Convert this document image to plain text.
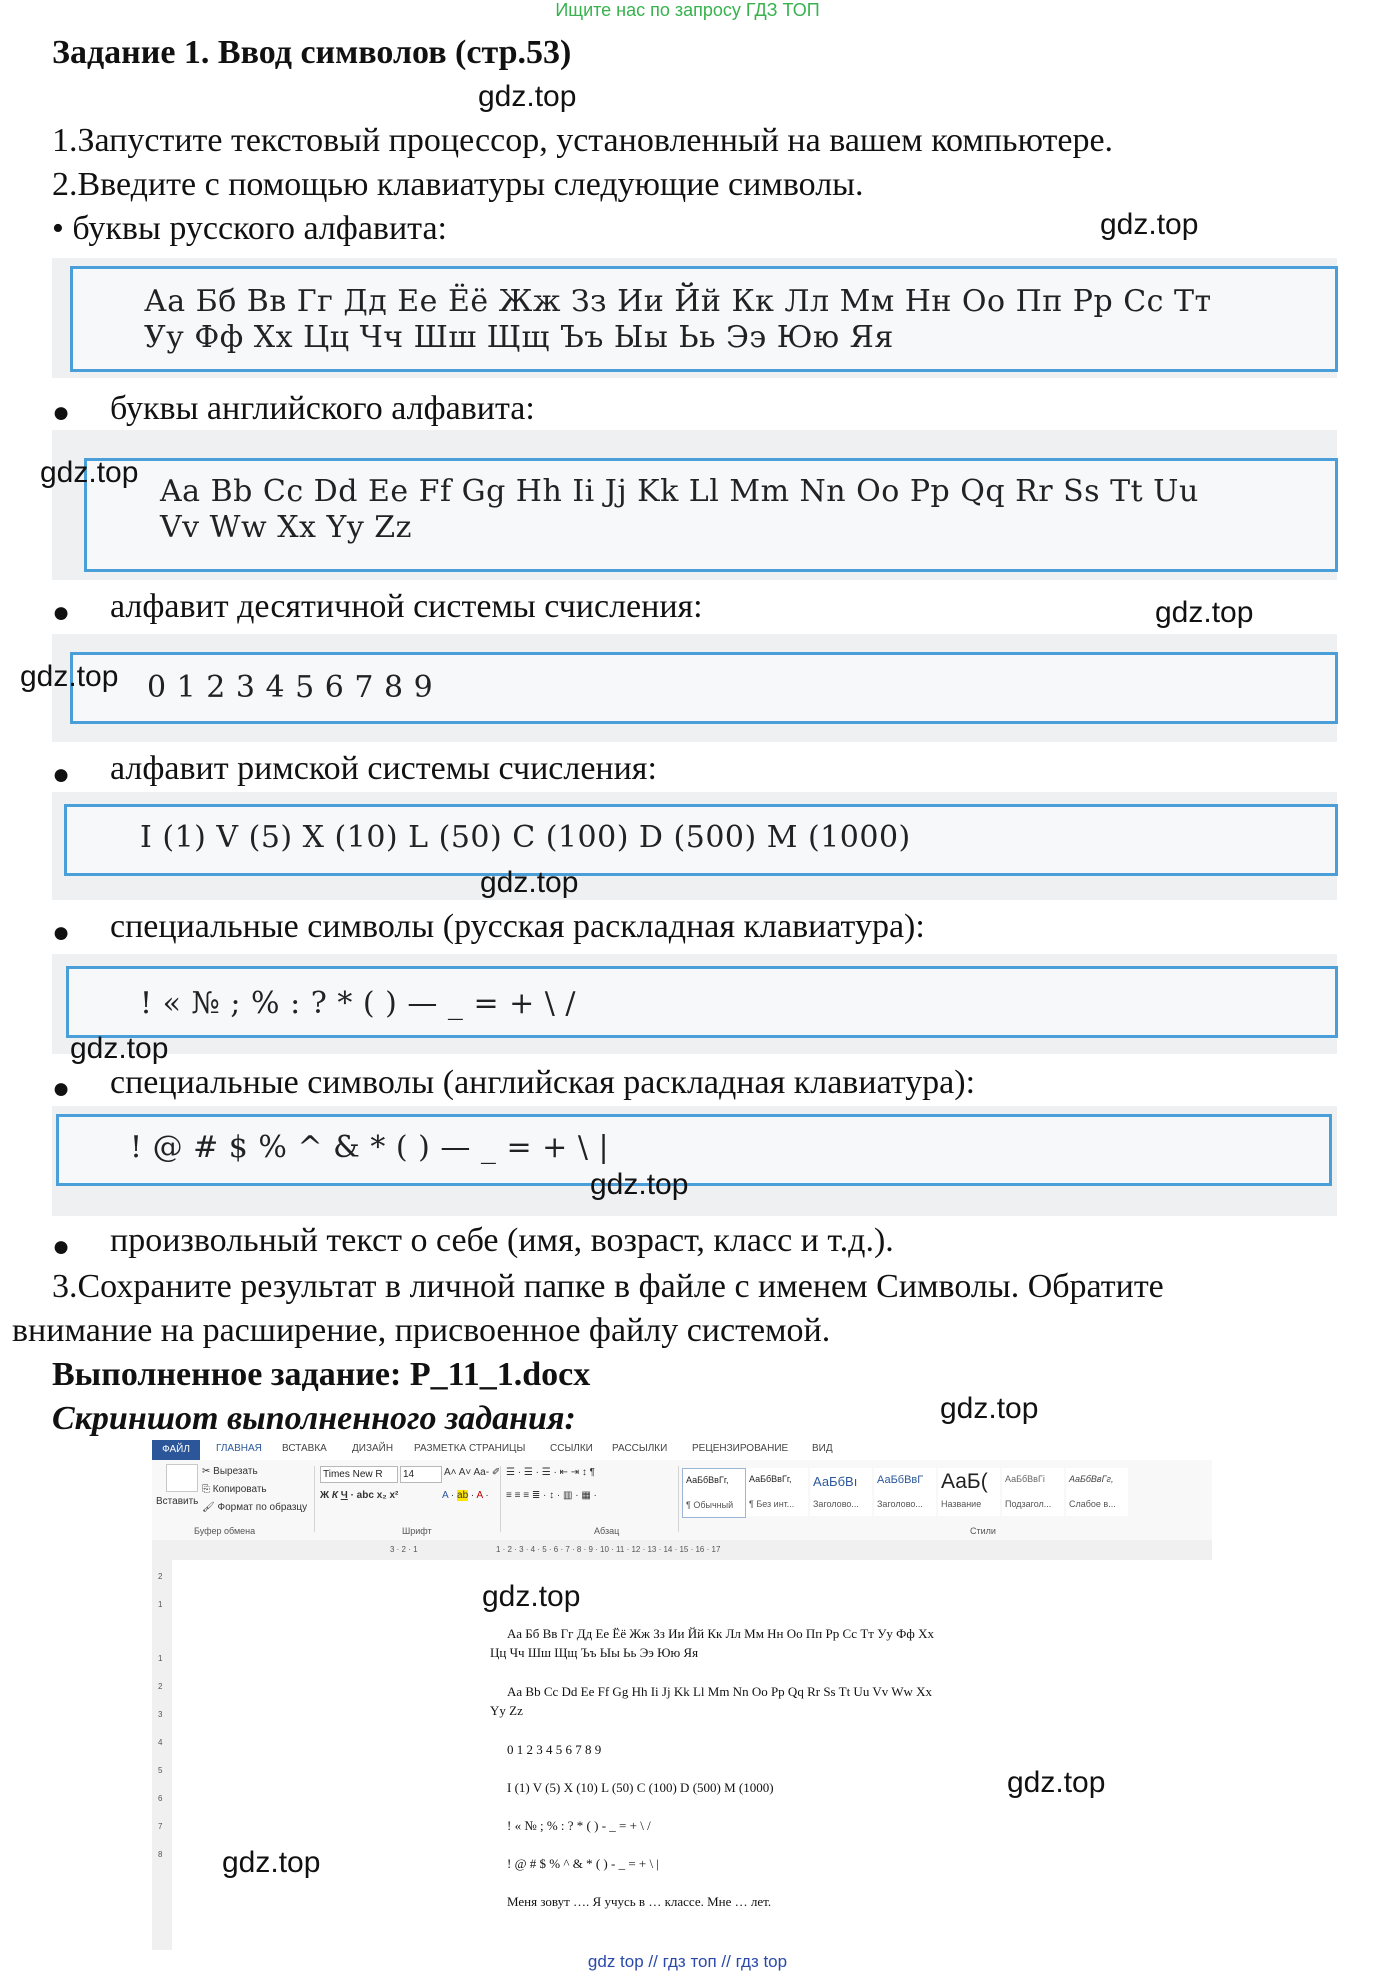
Ищите нас по запросу ГДЗ ТОП
Задание 1. Ввод символов (стр.53)
gdz.top
1.Запустите текстовый процессор, установленный на вашем компьютере.
2.Введите с помощью клавиатуры следующие символы.
• буквы русского алфавита:	gdz.top
Аа Бб Вв Гг Дд Ее Ёё Жж Зз Ии Йй Кк Лл Мм Нн Оо Пп Рр Сс Тт
Уу Фф Хх Цц Чч Шш Щщ Ъъ Ыы Ьь Ээ Юю Яя
● буквы английского алфавита:
Aa Bb Cc Dd Ee Ff Gg Hh Ii Jj Kk Ll Mm Nn Oo Pp Qq Rr Ss Tt Uu
Vv Ww Xx Yy Zz
gdz.top
● алфавит десятичной системы счисления:	gdz.top
0 1 2 3 4 5 6 7 8 9
gdz.top
● алфавит римской системы счисления:
I (1) V (5) X (10) L (50) C (100) D (500) M (1000)
gdz.top
● специальные символы (русская раскладная клавиатура):
! « № ; % : ? * ( ) — _ = + \ /
gdz.top
● специальные символы (английская раскладная клавиатура):
! @ # $ % ^ & * ( ) — _ = + \ |
gdz.top
● произвольный текст о себе (имя, возраст, класс и т.д.).
3.Сохраните результат в личной папке в файле с именем Символы. Обратите
внимание на расширение, присвоенное файлу системой.
Выполненное задание: P_11_1.docx
Скриншот выполненного задания:	gdz.top
ФАЙЛ	ГЛАВНАЯ ВСТАВКА	ДИЗАЙН РАЗМЕТКА СТРАНИЦЫ ССЫЛКИ РАССЫЛКИ РЕЦЕНЗИРОВАНИЕ ВИД
Вставить
✂ Вырезать
⎘ Копировать
🖌 Формат по образцу
Буфер обмена
Times New R	14	A˄ A˅ Aa‑ ✐
Ж К Ч · abc x₂ x²	A · ab · A ·
Шрифт
☰ · ☰ · ☰ · ⇤ ⇥ ↕ ¶
≡ ≡ ≡ ≣ · ↕ · ▥ · ▦ ·
Абзац
АаБбВвГг,
¶ Обычный
АаБбВвГг,
¶ Без инт...
АаБбВı
Заголово...
АаБбВвГ
Заголово...
АаБ(
Название
АаБбВвГі
Подзагол...
АаБбВвГг,
Слабое в...
Стили
3 · 2 · 1	1 · 2 · 3 · 4 · 5 · 6 · 7 · 8 · 9 · 10 · 11 · 12 · 13 · 14 · 15 · 16 · 17
2
1
1
2
3
4
5
6
7
8
gdz.top
Аа Бб Вв Гг Дд Ее Ёё Жж Зз Ии Йй Кк Лл Мм Нн Оо Пп Рр Сс Тт Уу Фф Хх
Цц Чч Шш Щщ Ъъ Ыы Ьь Ээ Юю Яя
Aa Bb Cc Dd Ee Ff Gg Hh Ii Jj Kk Ll Mm Nn Oo Pp Qq Rr Ss Tt Uu Vv Ww Xx
Yy Zz
0 1 2 3 4 5 6 7 8 9
I (1) V (5) X (10) L (50) C (100) D (500) M (1000)	gdz.top
! « № ; % : ? * ( ) - _ = + \ /
! @ # $ % ^ & * ( ) - _ = + \ |
Меня зовут …. Я учусь в … классе. Мне … лет.
gdz.top
gdz top // гдз топ // гдз top
